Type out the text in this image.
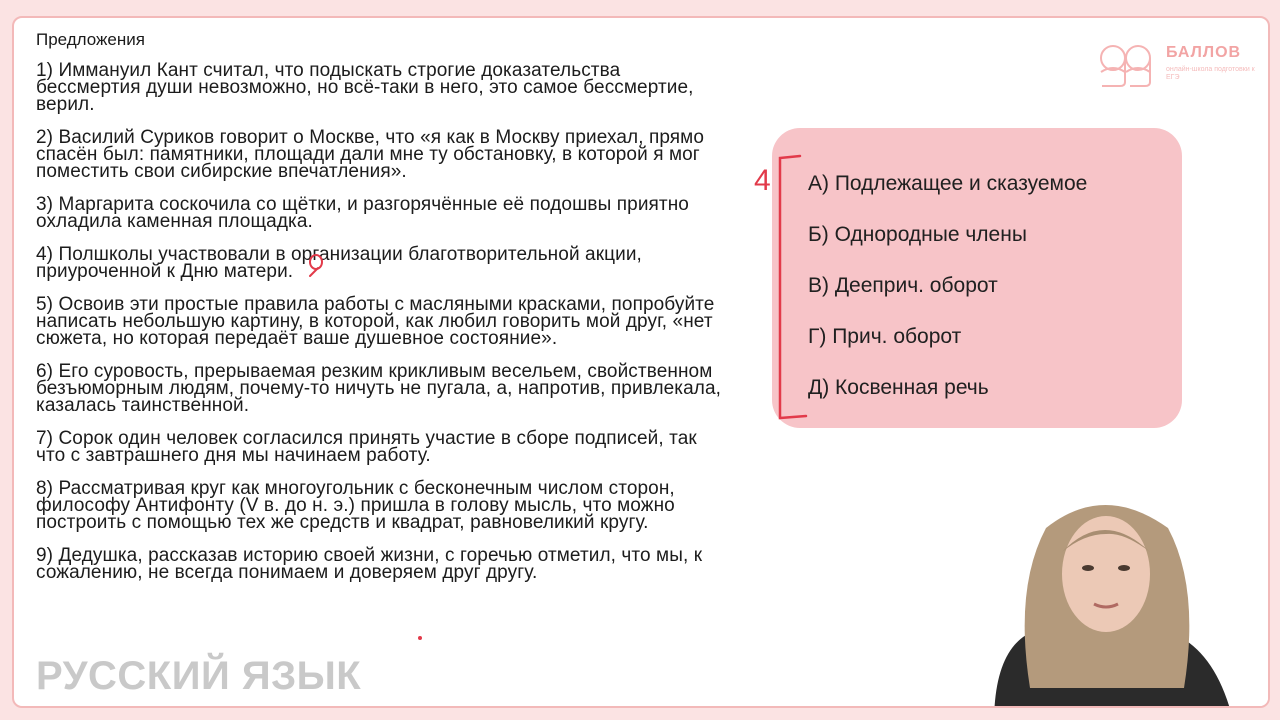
Предложения

1) Иммануил Кант считал, что подыскать строгие доказательства бессмертия души невозможно, но всё-таки в него, это самое бессмертие, верил.

2) Василий Суриков говорит о Москве, что «я как в Москву приехал, прямо спасён был: памятники, площади дали мне ту обстановку, в которой я мог поместить свои сибирские впечатления».

3) Маргарита соскочила со щётки, и разгорячённые её подошвы приятно охладила каменная площадка.

4) Полшколы участвовали в организации благотворительной акции, приуроченной к Дню матери.

5) Освоив эти простые правила работы с масляными красками, попробуйте написать небольшую картину, в которой, как любил говорить мой друг, «нет сюжета, но которая передаёт ваше душевное состояние».

6) Его суровость, прерываемая резким крикливым весельем, свойственном безъюморным людям, почему-то ничуть не пугала, а, напротив, привлекала, казалась таинственной.

7) Сорок один человек согласился принять участие в сборе подписей, так что с завтрашнего дня мы начинаем работу.

8) Рассматривая круг как многоугольник с бесконечным числом сторон, философу Антифонту (V в. до н. э.) пришла в голову мысль, что можно построить с помощью тех же средств и квадрат, равновеликий кругу.

9) Дедушка, рассказав историю своей жизни, с горечью отметил, что мы, к сожалению, не всегда понимаем и доверяем друг другу.

РУССКИЙ ЯЗЫК
БАЛЛОВ
онлайн-школа подготовки к ЕГЭ
А) Подлежащее и сказуемое
Б) Однородные члены
В) Дееприч. оборот
Г) Прич. оборот
Д) Косвенная речь
4
